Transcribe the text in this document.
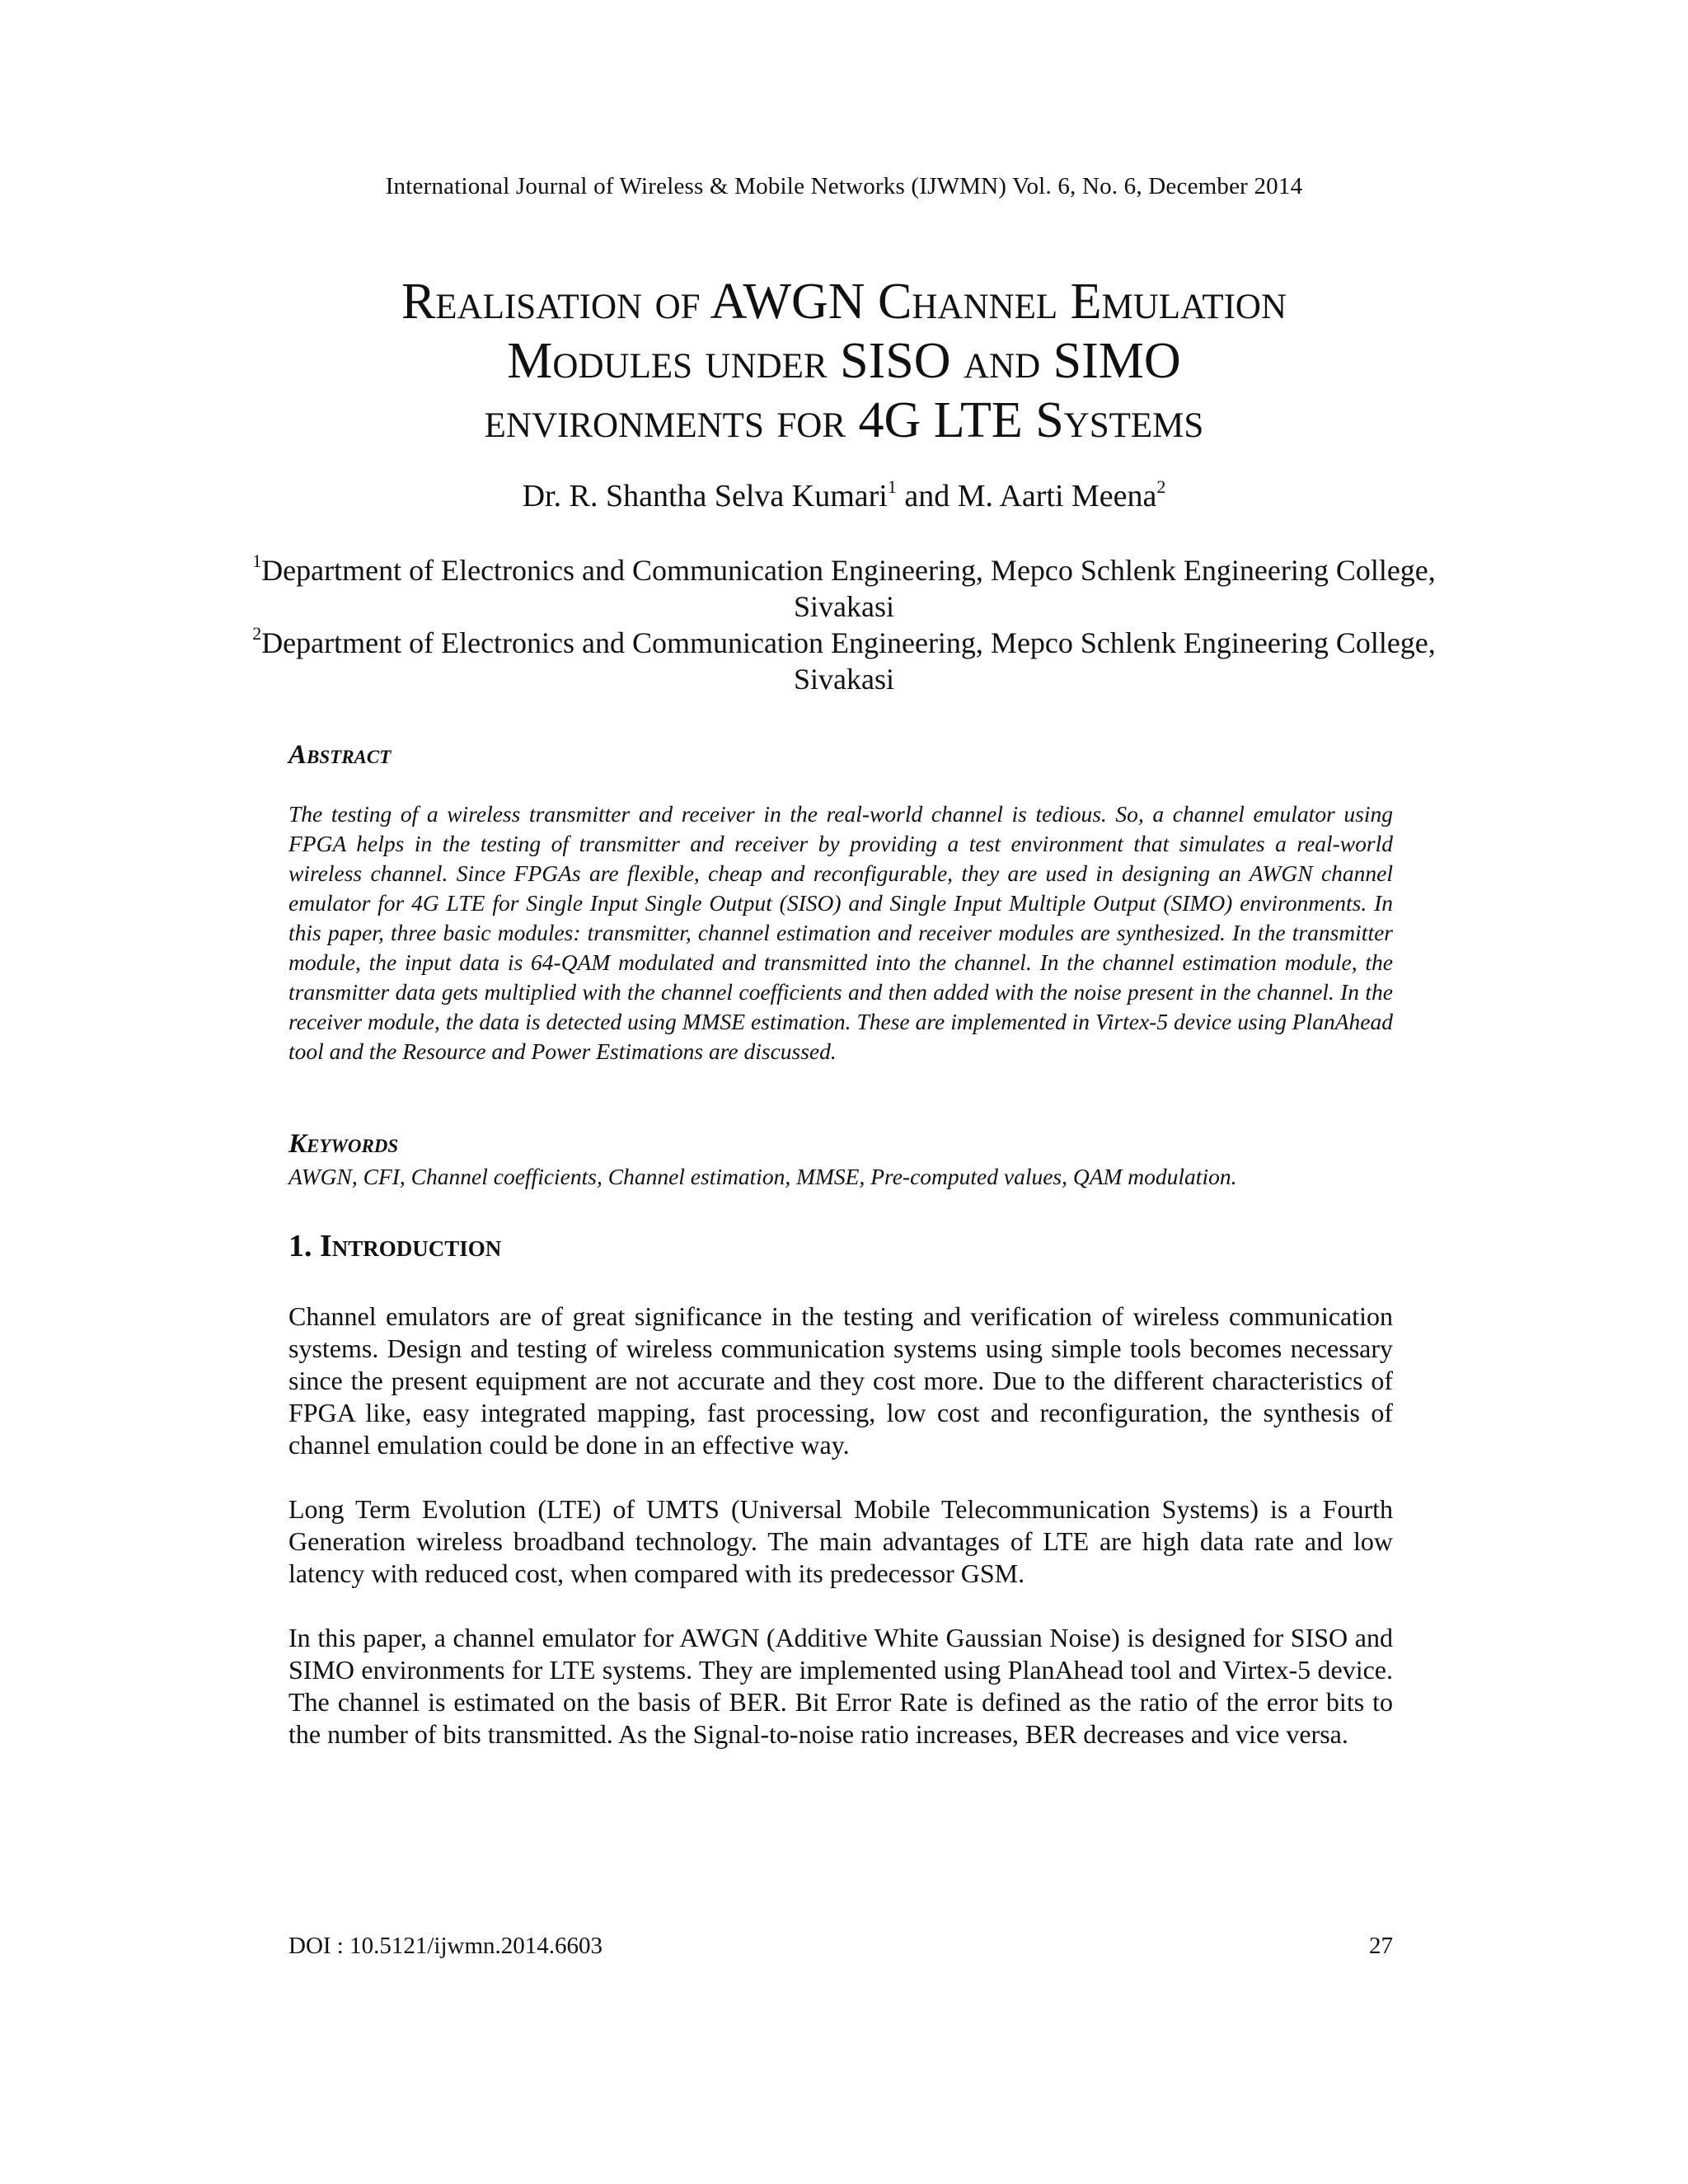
International Journal of Wireless & Mobile Networks (IJWMN) Vol. 6, No. 6, December 2014
Realisation of AWGN Channel Emulation
Modules under SISO and SIMO
environments for 4G LTE Systems
Dr. R. Shantha Selva Kumari$^1$ and M. Aarti Meena$^2$
$^1$Department of Electronics and Communication Engineering, Mepco Schlenk Engineering College, Sivakasi
$^2$Department of Electronics and Communication Engineering, Mepco Schlenk Engineering College, Sivakasi
Abstract

The testing of a wireless transmitter and receiver in the real-world channel is tedious. So, a channel emulator using FPGA helps in the testing of transmitter and receiver by providing a test environment that simulates a real-world wireless channel. Since FPGAs are flexible, cheap and reconfigurable, they are used in designing an AWGN channel emulator for 4G LTE for Single Input Single Output (SISO) and Single Input Multiple Output (SIMO) environments. In this paper, three basic modules: transmitter, channel estimation and receiver modules are synthesized. In the transmitter module, the input data is 64-QAM modulated and transmitted into the channel. In the channel estimation module, the transmitter data gets multiplied with the channel coefficients and then added with the noise present in the channel. In the receiver module, the data is detected using MMSE estimation. These are implemented in Virtex-5 device using PlanAhead tool and the Resource and Power Estimations are discussed.

Keywords

AWGN, CFI, Channel coefficients, Channel estimation, MMSE, Pre-computed values, QAM modulation.

1. Introduction

Channel emulators are of great significance in the testing and verification of wireless communication systems. Design and testing of wireless communication systems using simple tools becomes necessary since the present equipment are not accurate and they cost more. Due to the different characteristics of FPGA like, easy integrated mapping, fast processing, low cost and reconfiguration, the synthesis of channel emulation could be done in an effective way.

Long Term Evolution (LTE) of UMTS (Universal Mobile Telecommunication Systems) is a Fourth Generation wireless broadband technology. The main advantages of LTE are high data rate and low latency with reduced cost, when compared with its predecessor GSM.

In this paper, a channel emulator for AWGN (Additive White Gaussian Noise) is designed for SISO and SIMO environments for LTE systems. They are implemented using PlanAhead tool and Virtex-5 device. The channel is estimated on the basis of BER. Bit Error Rate is defined as the ratio of the error bits to the number of bits transmitted. As the Signal-to-noise ratio increases, BER decreases and vice versa.

DOI : 10.5121/ijwmn.2014.6603	27
